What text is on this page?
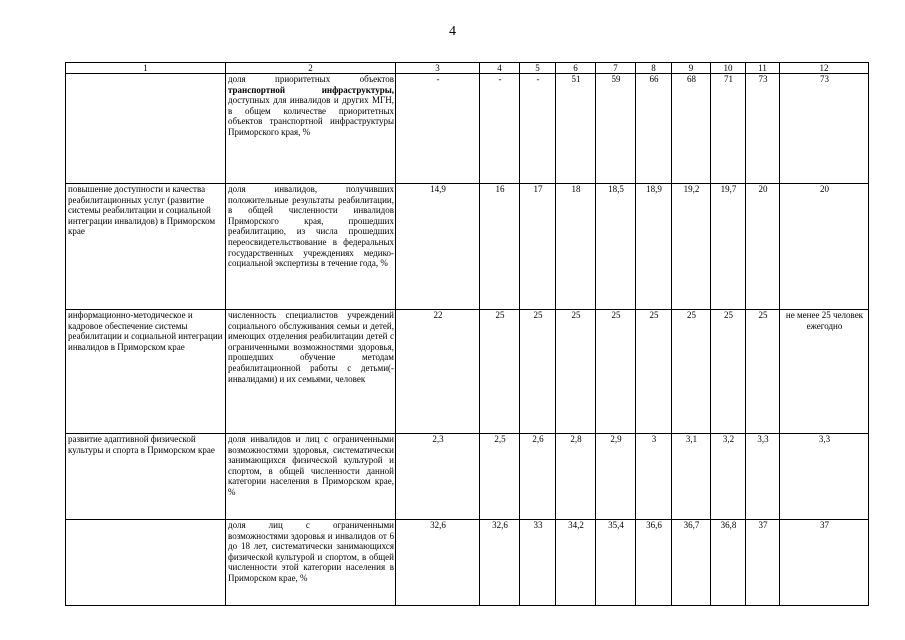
4
1	2	3	4	5	6	7	8	9	10	11	12
	доля приоритетных объектов транспортной инфраструктуры, доступных для инвалидов и других МГН, в общем количестве приоритетных объектов транспортной инфраструктуры Приморского края, %	-	-	-	51	59	66	68	71	73	73
повышение доступности и качества реабилитационных услуг (развитие системы реабилитации и социальной интеграции инвалидов) в Приморском крае	доля инвалидов, получивших положительные результаты реабилитации, в общей численности инвалидов Приморского края, прошедших реабилитацию, из числа прошедших переосвидетельствование в федеральных государственных учреждениях медико-социальной экспертизы в течение года, %	14,9	16	17	18	18,5	18,9	19,2	19,7	20	20
информационно-методическое и кадровое обеспечение системы реабилитации и социальной интеграции инвалидов в Приморском крае	численность специалистов учреждений социального обслуживания семьи и детей, имеющих отделения реабилитации детей с ограниченными возможностями здоровья, прошедших обучение методам реабилитационной работы с детьми(-инвалидами) и их семьями, человек	22	25	25	25	25	25	25	25	25	не менее 25 человек ежегодно
развитие адаптивной физической культуры и спорта в Приморском крае	доля инвалидов и лиц с ограниченными возможностями здоровья, систематически занимающихся физической культурой и спортом, в общей численности данной категории населения в Приморском крае, %	2,3	2,5	2,6	2,8	2,9	3	3,1	3,2	3,3	3,3
	доля лиц с ограниченными возможностями здоровья и инвалидов от 6 до 18 лет, систематически занимающихся физической культурой и спортом, в общей численности этой категории населения в Приморском крае, %	32,6	32,6	33	34,2	35,4	36,6	36,7	36,8	37	37
